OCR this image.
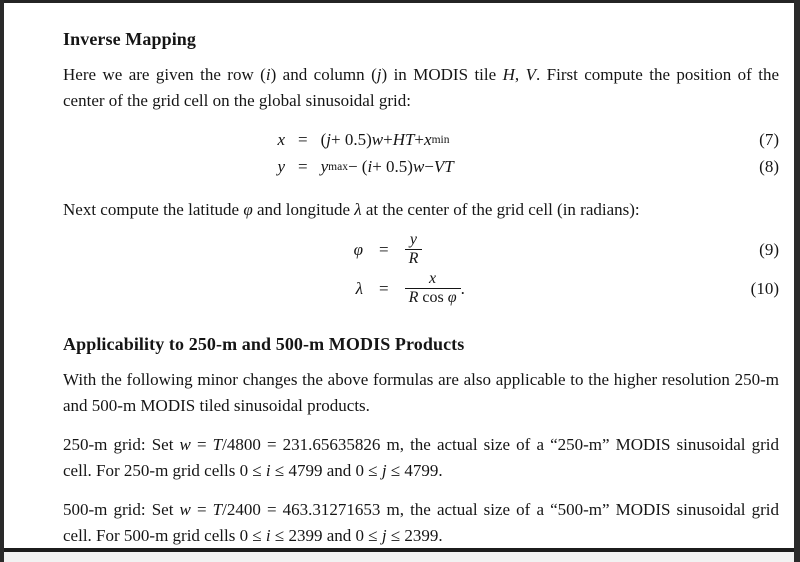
Inverse Mapping

Here we are given the row (i) and column (j) in MODIS tile H, V. First compute the position of the center of the grid cell on the global sinusoidal grid:

x = ( j + 0.5) w + HT + x min	(7)
y = y max − ( i + 0.5) w − VT	(8)

Next compute the latitude φ and longitude λ at the center of the grid cell (in radians):

$\varphi = \frac{y}{R}$	(9)
$\lambda = \frac{x}{\text{R cos φ}}$ .	(10)
Applicability to 250-m and 500-m MODIS Products

With the following minor changes the above formulas are also applicable to the higher resolution 250-m and 500-m MODIS tiled sinusoidal products.

250-m grid: Set w = T/4800 = 231.65635826 m, the actual size of a “250-m” MODIS sinusoidal grid cell. For 250-m grid cells 0 ≤ i ≤ 4799 and 0 ≤ j ≤ 4799.

500-m grid: Set w = T/2400 = 463.31271653 m, the actual size of a “500-m” MODIS sinusoidal grid cell. For 500-m grid cells 0 ≤ i ≤ 2399 and 0 ≤ j ≤ 2399.
